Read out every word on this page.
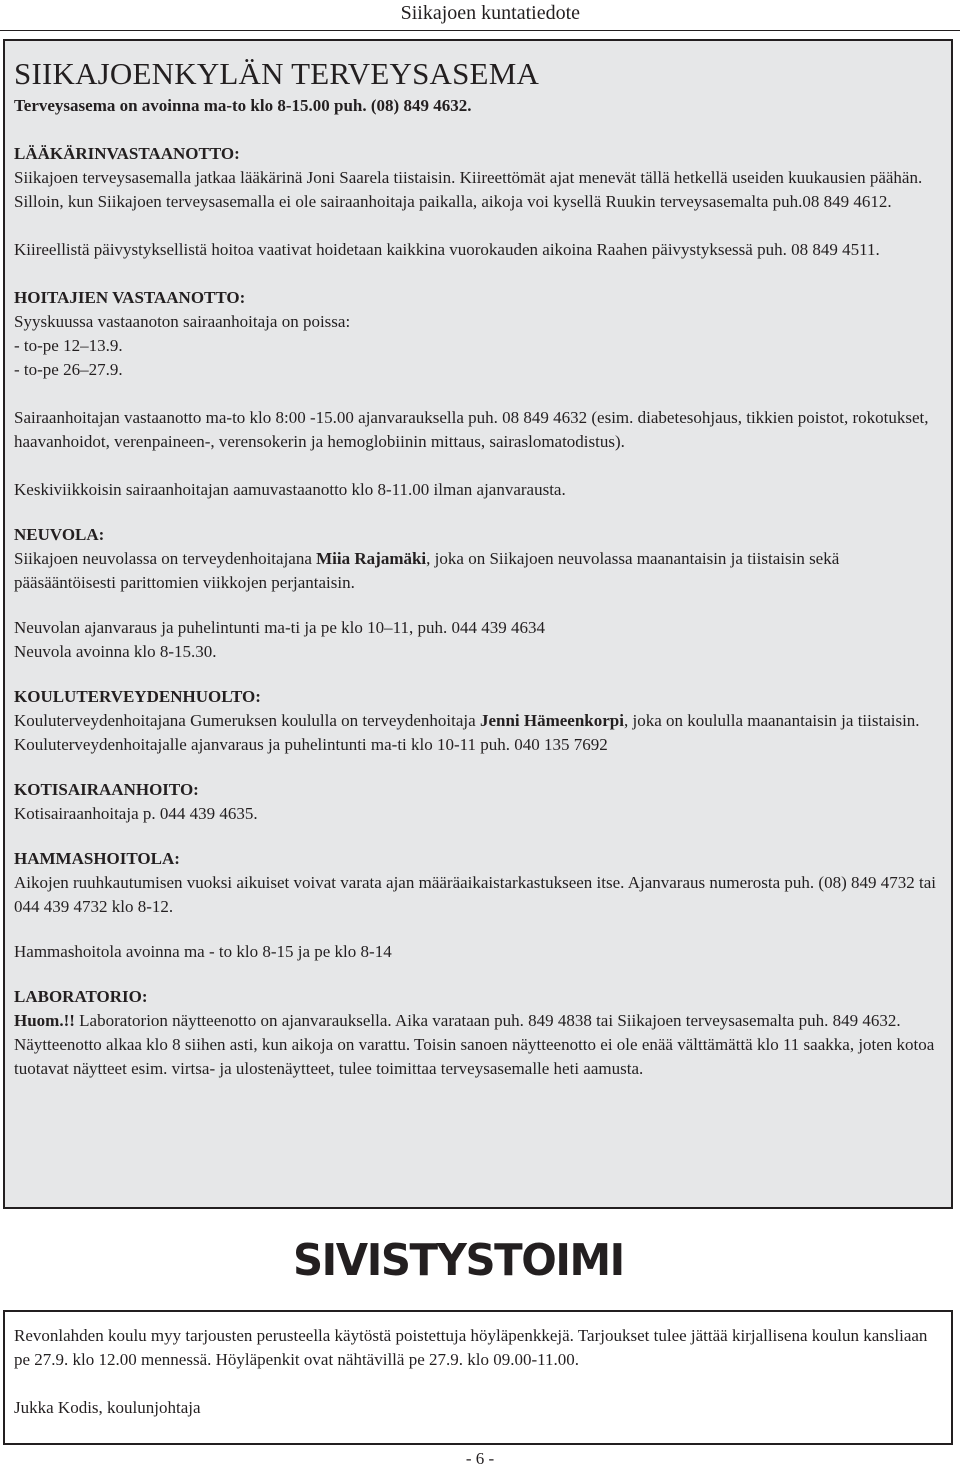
Siikajoen kuntatiedote

SIIKAJOENKYLÄN TERVEYSASEMA

Terveysasema on avoinna ma-to klo 8-15.00 puh. (08) 849 4632.

LÄÄKÄRINVASTAANOTTO:

Siikajoen terveysasemalla jatkaa lääkärinä Joni Saarela tiistaisin. Kiireettömät ajat menevät tällä hetkellä useiden kuukausien päähän. Silloin, kun Siikajoen terveysasemalla ei ole sairaanhoitaja paikalla, aikoja voi kysellä Ruukin terveysasemalta puh.08 849 4612.

Kiireellistä päivystyksellistä hoitoa vaativat hoidetaan kaikkina vuorokauden aikoina Raahen päivystyksessä puh. 08 849 4511.

HOITAJIEN VASTAANOTTO:

Syyskuussa vastaanoton sairaanhoitaja on poissa:

- to-pe 12–13.9.

- to-pe 26–27.9.

Sairaanhoitajan vastaanotto ma-to klo 8:00 -15.00 ajanvarauksella puh. 08 849 4632 (esim. diabetesohjaus, tikkien poistot, rokotukset, haavanhoidot, verenpaineen-, verensokerin ja hemoglobiinin mittaus, sairaslomatodistus).

Keskiviikkoisin sairaanhoitajan aamuvastaanotto klo 8-11.00 ilman ajanvarausta.

NEUVOLA:

Siikajoen neuvolassa on terveydenhoitajana Miia Rajamäki, joka on Siikajoen neuvolassa maanantaisin ja tiistaisin sekä pääsääntöisesti parittomien viikkojen perjantaisin.

Neuvolan ajanvaraus ja puhelintunti ma-ti ja pe klo 10–11, puh. 044 439 4634

Neuvola avoinna klo 8-15.30.

KOULUTERVEYDENHUOLTO:

Kouluterveydenhoitajana Gumeruksen koululla on terveydenhoitaja Jenni Hämeenkorpi, joka on koululla maanantaisin ja tiistaisin. Kouluterveydenhoitajalle ajanvaraus ja puhelintunti ma-ti klo 10-11 puh. 040 135 7692

KOTISAIRAANHOITO:

Kotisairaanhoitaja p. 044 439 4635.

HAMMASHOITOLA:

Aikojen ruuhkautumisen vuoksi aikuiset voivat varata ajan määräaikaistarkastukseen itse. Ajanvaraus numerosta puh. (08) 849 4732 tai 044 439 4732 klo 8-12.

Hammashoitola avoinna ma - to klo 8-15 ja pe klo 8-14

LABORATORIO:

Huom.!! Laboratorion näytteenotto on ajanvarauksella. Aika varataan puh. 849 4838 tai Siikajoen terveysasemalta puh. 849 4632. Näytteenotto alkaa klo 8 siihen asti, kun aikoja on varattu. Toisin sanoen näytteenotto ei ole enää välttämättä klo 11 saakka, joten kotoa tuotavat näytteet esim. virtsa- ja ulostenäytteet, tulee toimittaa terveysasemalle heti aamusta.

SIVISTYSTOIMI

Revonlahden koulu myy tarjousten perusteella käytöstä poistettuja höyläpenkkejä. Tarjoukset tulee jättää kirjallisena koulun kansliaan pe 27.9. klo 12.00 mennessä. Höyläpenkit ovat nähtävillä pe 27.9. klo 09.00-11.00.

Jukka Kodis, koulunjohtaja

- 6 -
